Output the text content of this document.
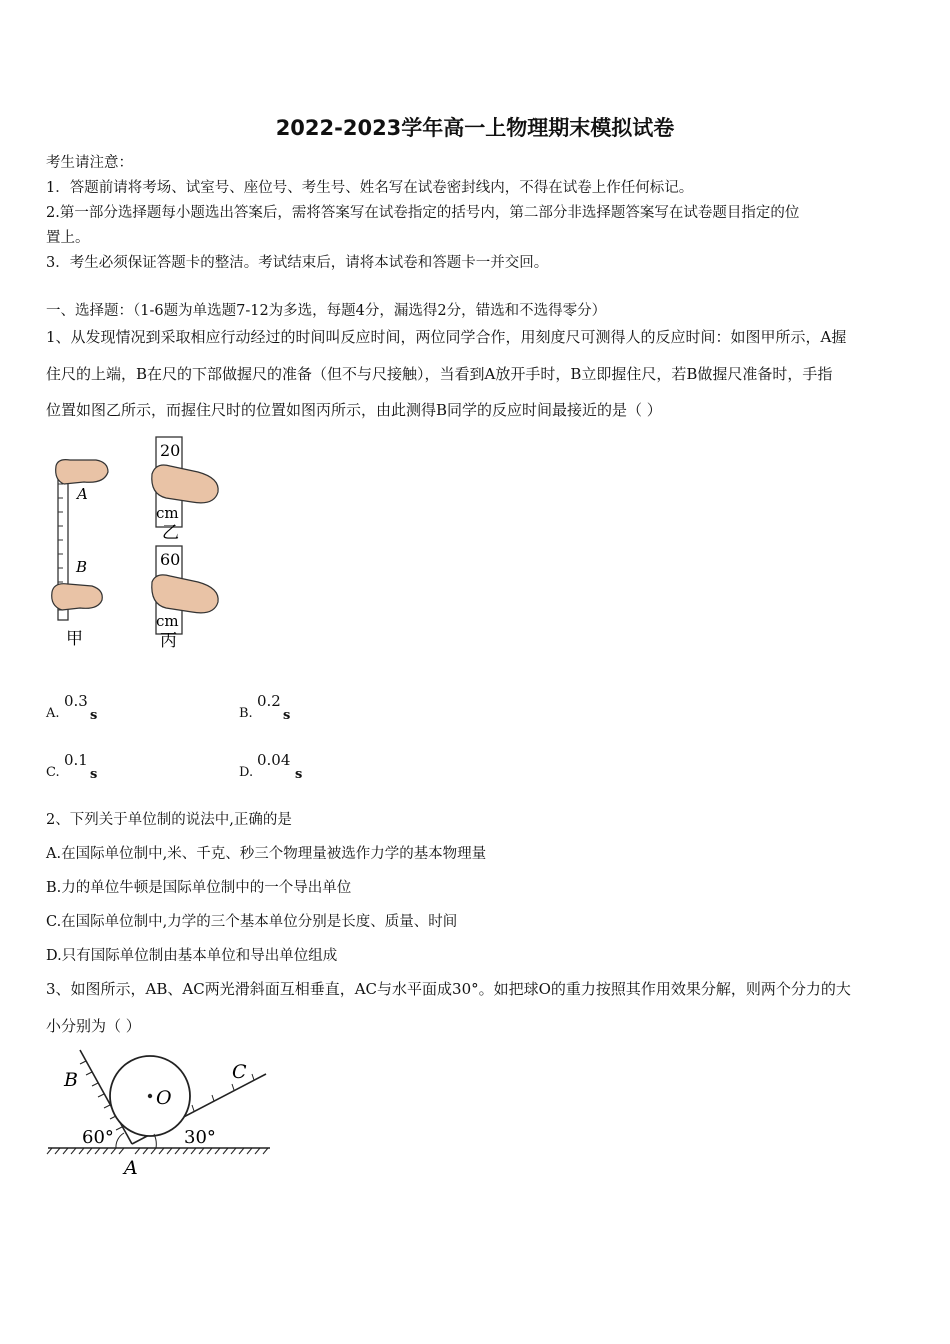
2022-2023学年高一上物理期末模拟试卷
考生请注意：
1．答题前请将考场、试室号、座位号、考生号、姓名写在试卷密封线内，不得在试卷上作任何标记。
2.第一部分选择题每小题选出答案后，需将答案写在试卷指定的括号内，第二部分非选择题答案写在试卷题目指定的位
置上。
3．考生必须保证答题卡的整洁。考试结束后，请将本试卷和答题卡一并交回。
一、选择题：（1-6题为单选题7-12为多选，每题4分，漏选得2分，错选和不选得零分）
1、从发现情况到采取相应行动经过的时间叫反应时间，两位同学合作，用刻度尺可测得人的反应时间：如图甲所示，A握
住尺的上端，B在尺的下部做握尺的准备（但不与尺接触），当看到A放开手时，B立即握住尺，若B做握尺准备时，手指
位置如图乙所示，而握住尺时的位置如图丙所示，由此测得B同学的反应时间最接近的是（ ）
A
B
甲
20
cm
乙
60
cm
丙
A.
0.3
s	B.
0.2
s
C.
0.1
s	D.
0.04
s
2、下列关于单位制的说法中,正确的是
A.在国际单位制中,米、千克、秒三个物理量被选作力学的基本物理量
B.力的单位牛顿是国际单位制中的一个导出单位
C.在国际单位制中,力学的三个基本单位分别是长度、质量、时间
D.只有国际单位制由基本单位和导出单位组成
3、如图所示，AB、AC两光滑斜面互相垂直，AC与水平面成30°。如把球O的重力按照其作用效果分解，则两个分力的大
小分别为（ ）
B	C
O
A
60°	30°
